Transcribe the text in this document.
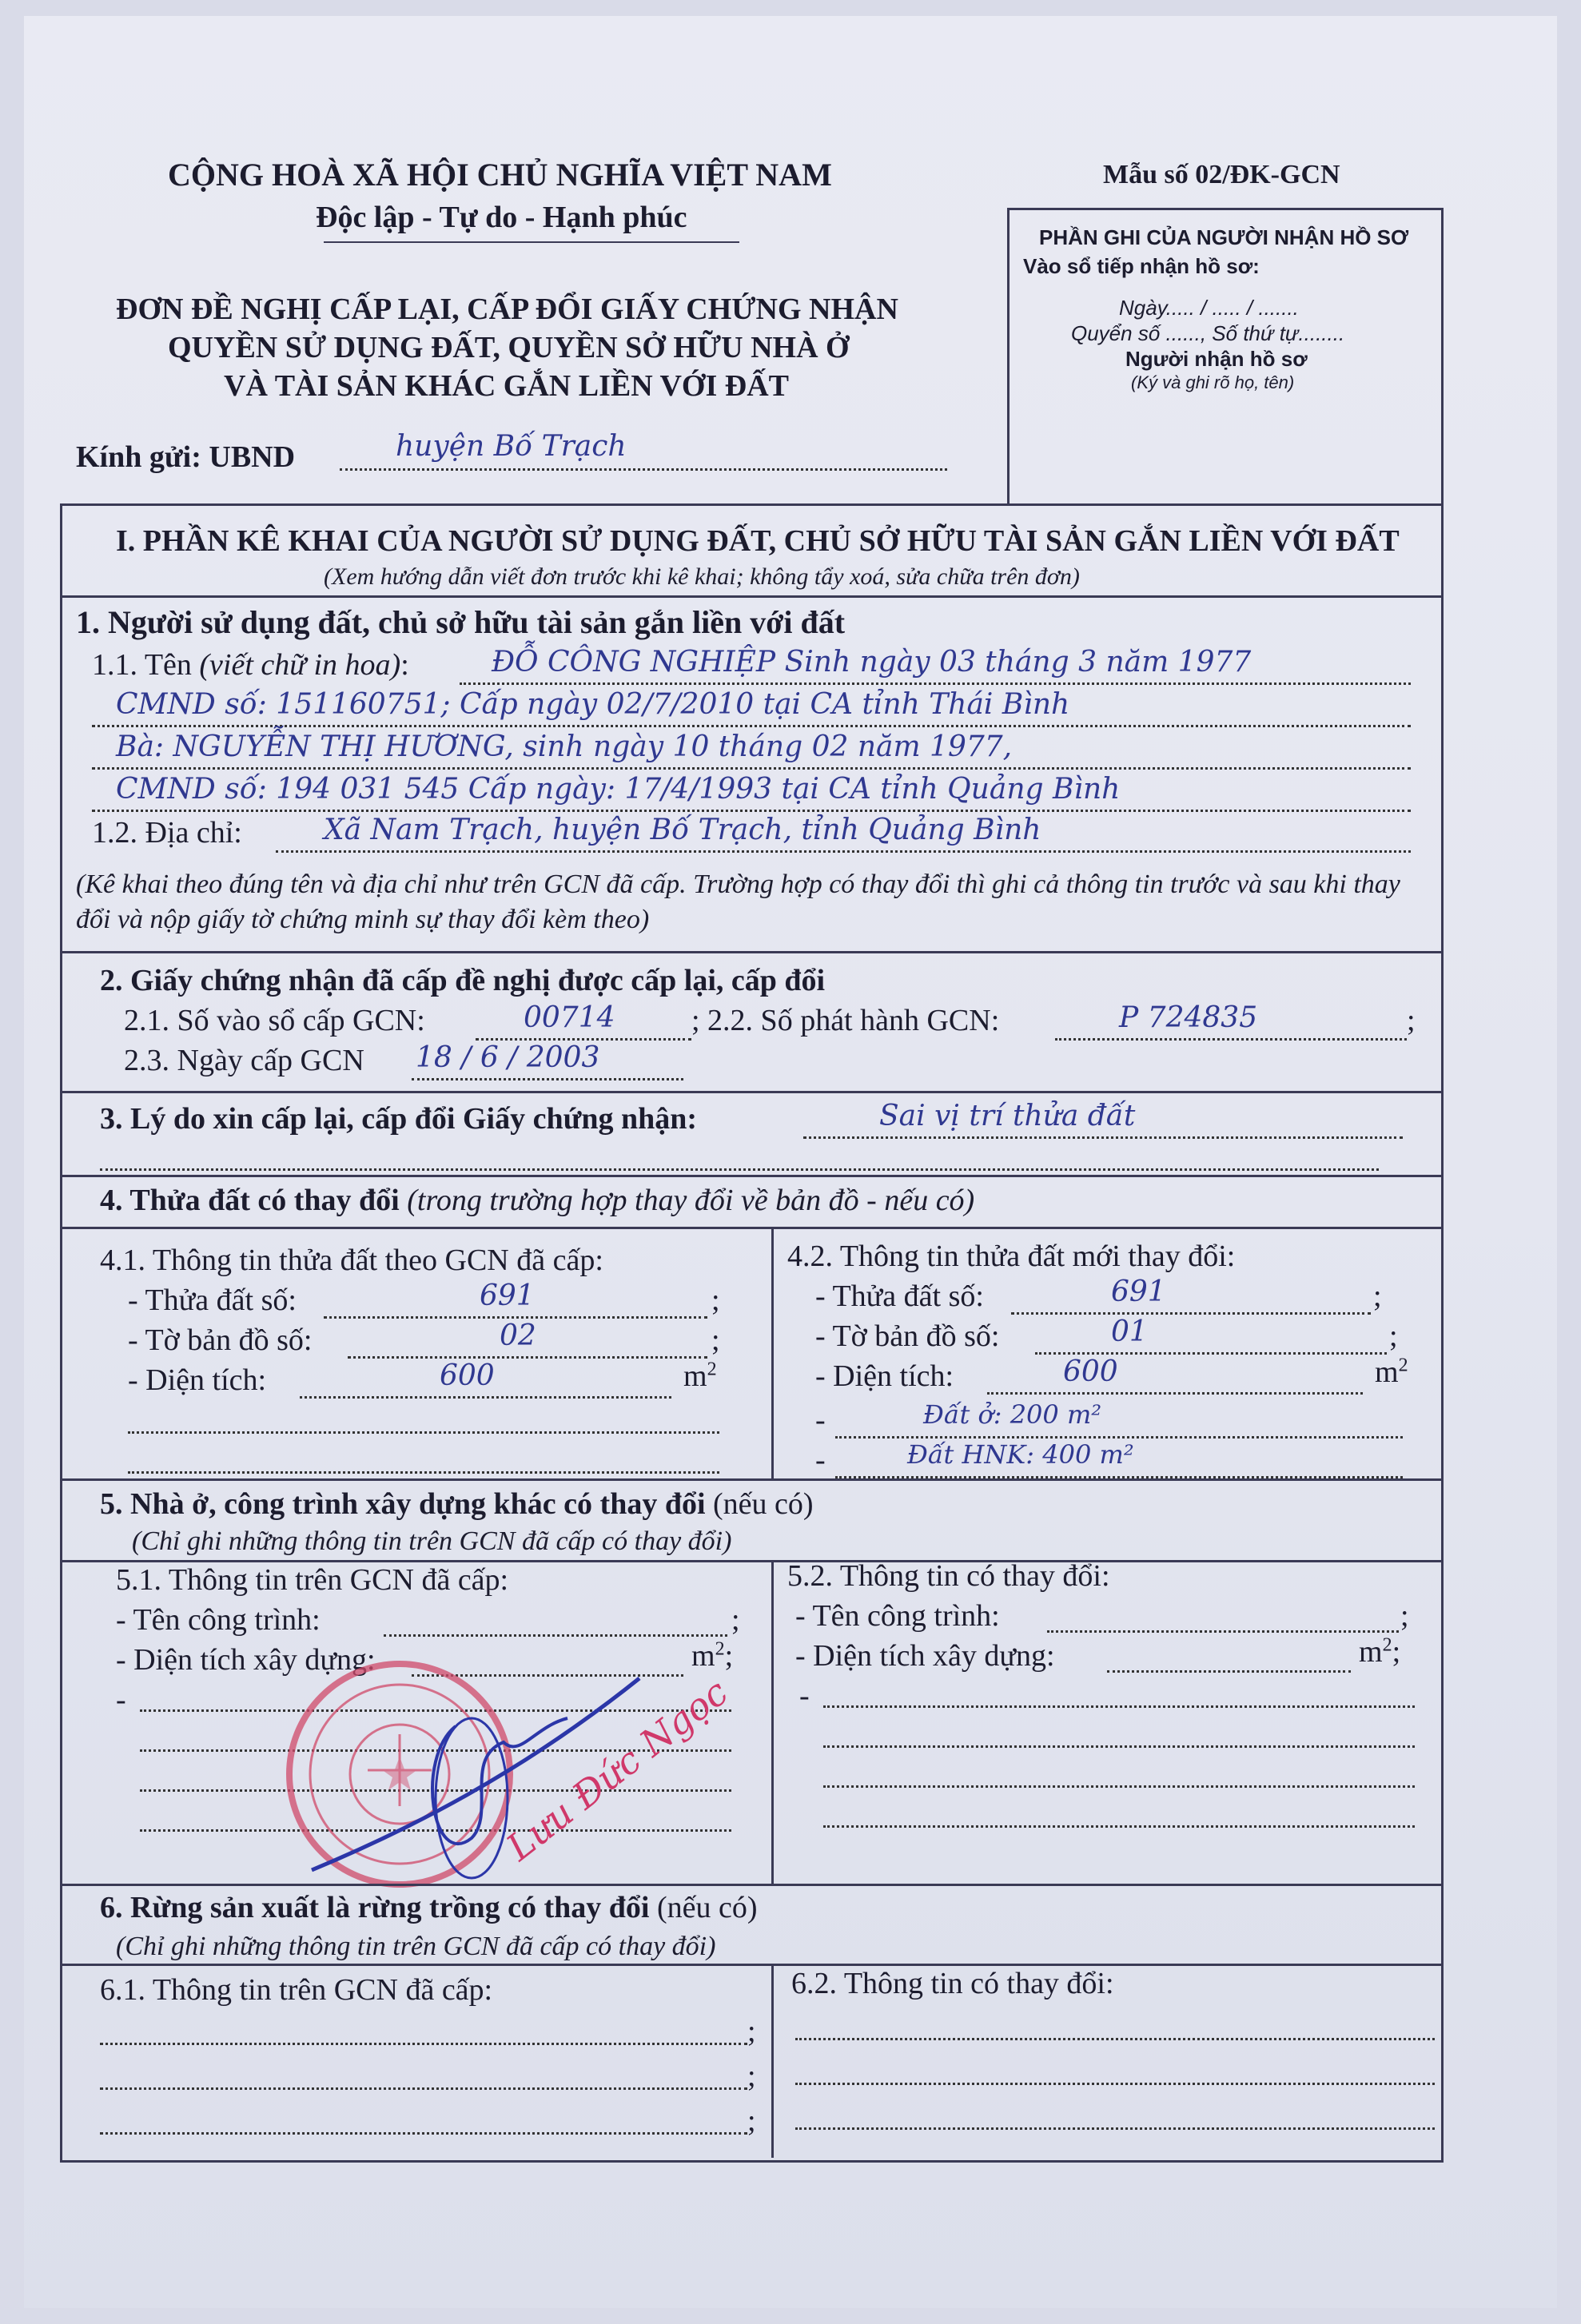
CỘNG HOÀ XÃ HỘI CHỦ NGHĨA VIỆT NAM
Độc lập - Tự do - Hạnh phúc
Mẫu số 02/ĐK-GCN
ĐƠN ĐỀ NGHỊ CẤP LẠI, CẤP ĐỔI GIẤY CHỨNG NHẬN
QUYỀN SỬ DỤNG ĐẤT, QUYỀN SỞ HỮU NHÀ Ở
VÀ TÀI SẢN KHÁC GẮN LIỀN VỚI ĐẤT
Kính gửi: UBND	huyện Bố Trạch
PHẦN GHI CỦA NGƯỜI NHẬN HỒ SƠ
Vào sổ tiếp nhận hồ sơ:
Ngày..... / ..... / .......
Quyển số ......, Số thứ tự........
Người nhận hồ sơ
(Ký và ghi rõ họ, tên)
I. PHẦN KÊ KHAI CỦA NGƯỜI SỬ DỤNG ĐẤT, CHỦ SỞ HỮU TÀI SẢN GẮN LIỀN VỚI ĐẤT
(Xem hướng dẫn viết đơn trước khi kê khai; không tẩy xoá, sửa chữa trên đơn)
1. Người sử dụng đất, chủ sở hữu tài sản gắn liền với đất
1.1. Tên (viết chữ in hoa):	ĐỖ CÔNG NGHIỆP Sinh ngày 03 tháng 3 năm 1977
CMND số: 151160751; Cấp ngày 02/7/2010 tại CA tỉnh Thái Bình
Bà: NGUYỄN THỊ HƯƠNG, sinh ngày 10 tháng 02 năm 1977,
CMND số: 194 031 545 Cấp ngày: 17/4/1993 tại CA tỉnh Quảng Bình
1.2. Địa chỉ:	Xã Nam Trạch, huyện Bố Trạch, tỉnh Quảng Bình
(Kê khai theo đúng tên và địa chỉ như trên GCN đã cấp. Trường hợp có thay đổi thì ghi cả thông tin trước và sau khi thay đổi và nộp giấy tờ chứng minh sự thay đổi kèm theo)
2. Giấy chứng nhận đã cấp đề nghị được cấp lại, cấp đổi
2.1. Số vào sổ cấp GCN:	00714	; 2.2. Số phát hành GCN:	P 724835	;
2.3. Ngày cấp GCN 18 / 6 / 2003
3. Lý do xin cấp lại, cấp đổi Giấy chứng nhận:	Sai vị trí thửa đất
4. Thửa đất có thay đổi (trong trường hợp thay đổi về bản đồ - nếu có)
4.1. Thông tin thửa đất theo GCN đã cấp:
- Thửa đất số:	691	;
- Tờ bản đồ số:	02	;
- Diện tích:	600	$m^2$
4.2. Thông tin thửa đất mới thay đổi:
- Thửa đất số:	691	;
- Tờ bản đồ số:	01	;
- Diện tích:	600	$m^2$
-	Đất ở: 200 m²
-	Đất HNK: 400 m²
5. Nhà ở, công trình xây dựng khác có thay đổi (nếu có)
(Chỉ ghi những thông tin trên GCN đã cấp có thay đổi)
5.1. Thông tin trên GCN đã cấp:
- Tên công trình:	;
- Diện tích xây dựng:	$m^2$;
-
5.2. Thông tin có thay đổi:
- Tên công trình:	;
- Diện tích xây dựng:	$m^2$;
-
Lưu Đức Ngọc
6. Rừng sản xuất là rừng trồng có thay đổi (nếu có)
(Chỉ ghi những thông tin trên GCN đã cấp có thay đổi)
6.1. Thông tin trên GCN đã cấp:
;
;
;
6.2. Thông tin có thay đổi:
